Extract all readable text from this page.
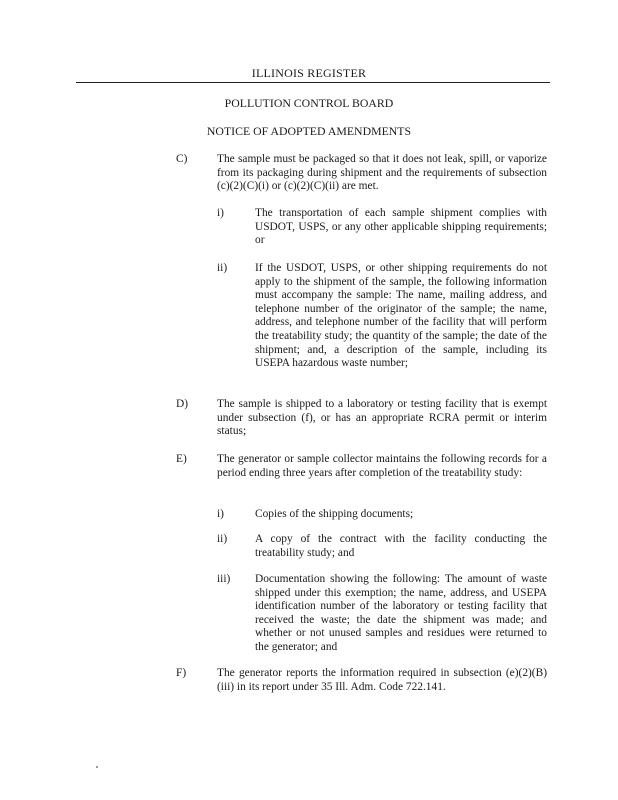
ILLINOIS REGISTER
POLLUTION CONTROL BOARD
NOTICE OF ADOPTED AMENDMENTS
C)	The sample must be packaged so that it does not leak, spill, or vaporize from its packaging during shipment and the requirements of subsection (c)(2)(C)(i) or (c)(2)(C)(ii) are met.
i)	The transportation of each sample shipment complies with USDOT, USPS, or any other applicable shipping requirements; or
ii) If the USDOT, USPS, or other shipping requirements do not apply to the shipment of the sample, the following information must accompany the sample: The name, mailing address, and telephone number of the originator of the sample; the name, address, and telephone number of the facility that will perform the treatability study; the quantity of the sample; the date of the shipment; and, a description of the sample, including its USEPA hazardous waste number;
D)	The sample is shipped to a laboratory or testing facility that is exempt under subsection (f), or has an appropriate RCRA permit or interim status;
E)	The generator or sample collector maintains the following records for a period ending three years after completion of the treatability study:
i)	Copies of the shipping documents;
ii) A copy of the contract with the facility conducting the treatability study; and
iii) Documentation showing the following: The amount of waste shipped under this exemption; the name, address, and USEPA identification number of the laboratory or testing facility that received the waste; the date the shipment was made; and whether or not unused samples and residues were returned to the generator; and
F)	The generator reports the information required in subsection (e)(2)(B)(iii) in its report under 35 Ill. Adm. Code 722.141.
